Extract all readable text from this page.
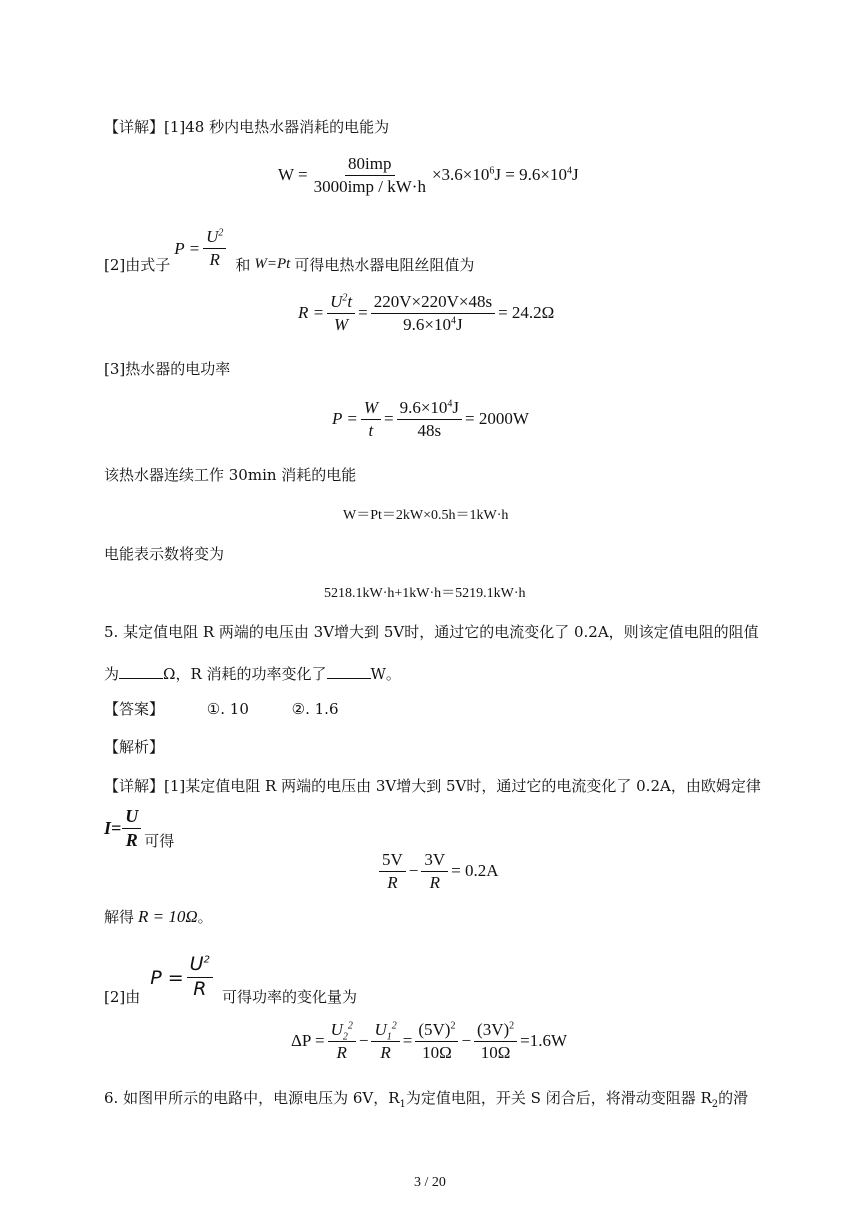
【详解】[1]48 秒内电热水器消耗的电能为
$W = \frac{\text{80imp}}{\text{3000imp / kW·h}} \times 3.6\times 10^6J = 9.6\times 10^4J$
[2]由式子
$P = \frac{U^2}{R}$ 和 W=Pt 可得电热水器电阻丝阻值为
$R = \frac{U^2t}{W} = \frac{220V\times 220V\times 48s}{9.6\times 10^4J} = 24.2\Omega$
[3]热水器的电功率
$P = \frac{W}{t} = \frac{9.6\times 10^4J}{48s} = 2000W$
该热水器连续工作 30min 消耗的电能
W＝Pt＝2kW×0.5h＝1kW·h
电能表示数将变为
5218.1kW·h+1kW·h＝5219.1kW·h
5. 某定值电阻 R 两端的电压由 3V增大到 5V时，通过它的电流变化了 0.2A，则该定值电阻的阻值
为	Ω，R 消耗的功率变化了	W。
【答案】	①. 10	②. 1.6
【解析】
【详解】[1]某定值电阻 R 两端的电压由 3V增大到 5V时，通过它的电流变化了 0.2A，由欧姆定律
$I = \frac{U}{R}$ 可得
$\frac{5V}{R} - \frac{3V}{R} = 0.2A$
解得 R = 10Ω 。
[2]由
$P = \frac{U^2}{R}$ 可得功率的变化量为
$\Delta P = \frac{U_2^2}{R} - \frac{U_1^2}{R} = \frac{(5V)^2}{10\Omega} - \frac{(3V)^2}{10\Omega} =1.6W$
6. 如图甲所示的电路中，电源电压为 6V，$R_1$为定值电阻，开关 S 闭合后，将滑动变阻器 $R_2$的滑
3 / 20
